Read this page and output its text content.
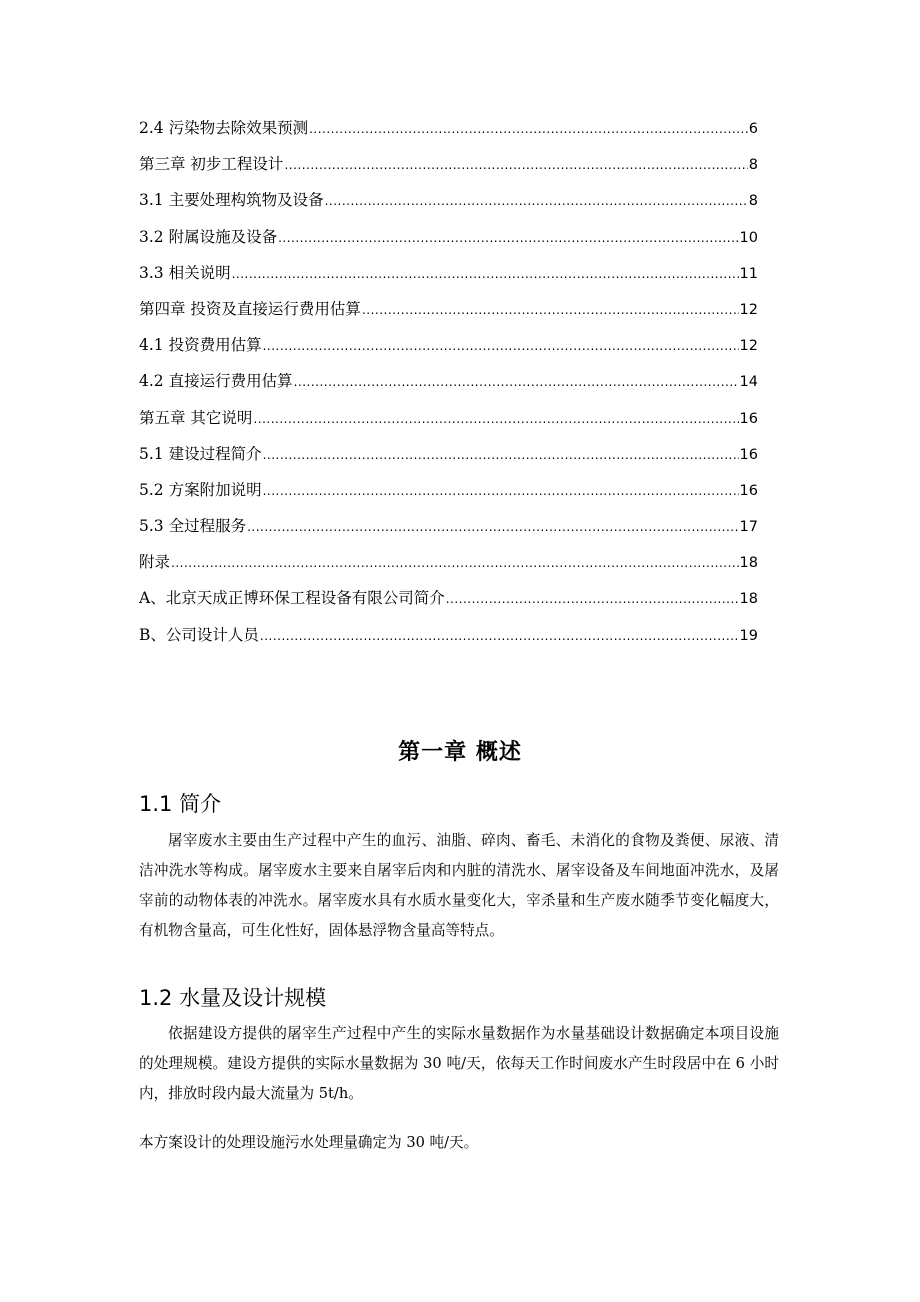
2.4 污染物去除效果预测 .....	6
第三章 初步工程设计 .....	8
3.1 主要处理构筑物及设备 .....	8
3.2 附属设施及设备 .....	10
3.3 相关说明 .....	11
第四章 投资及直接运行费用估算 .....	12
4.1 投资费用估算 .....	12
4.2 直接运行费用估算 .....	14
第五章 其它说明 .....	16
5.1 建设过程简介 .....	16
5.2 方案附加说明 .....	16
5.3 全过程服务 .....	17
附录 .....	18
A、北京天成正博环保工程设备有限公司简介 .....	18
B、公司设计人员 .....	19
第一章 概述
1.1 简介

屠宰废水主要由生产过程中产生的血污、油脂、碎肉、畜毛、未消化的食物及粪便、尿液、清洁冲洗水等构成。屠宰废水主要来自屠宰后肉和内脏的清洗水、屠宰设备及车间地面冲洗水，及屠宰前的动物体表的冲洗水。屠宰废水具有水质水量变化大，宰杀量和生产废水随季节变化幅度大，有机物含量高，可生化性好，固体悬浮物含量高等特点。

1.2 水量及设计规模

依据建设方提供的屠宰生产过程中产生的实际水量数据作为水量基础设计数据确定本项目设施的处理规模。建设方提供的实际水量数据为 30 吨/天，依每天工作时间废水产生时段居中在 6 小时内，排放时段内最大流量为 5t/h。

本方案设计的处理设施污水处理量确定为 30 吨/天。
